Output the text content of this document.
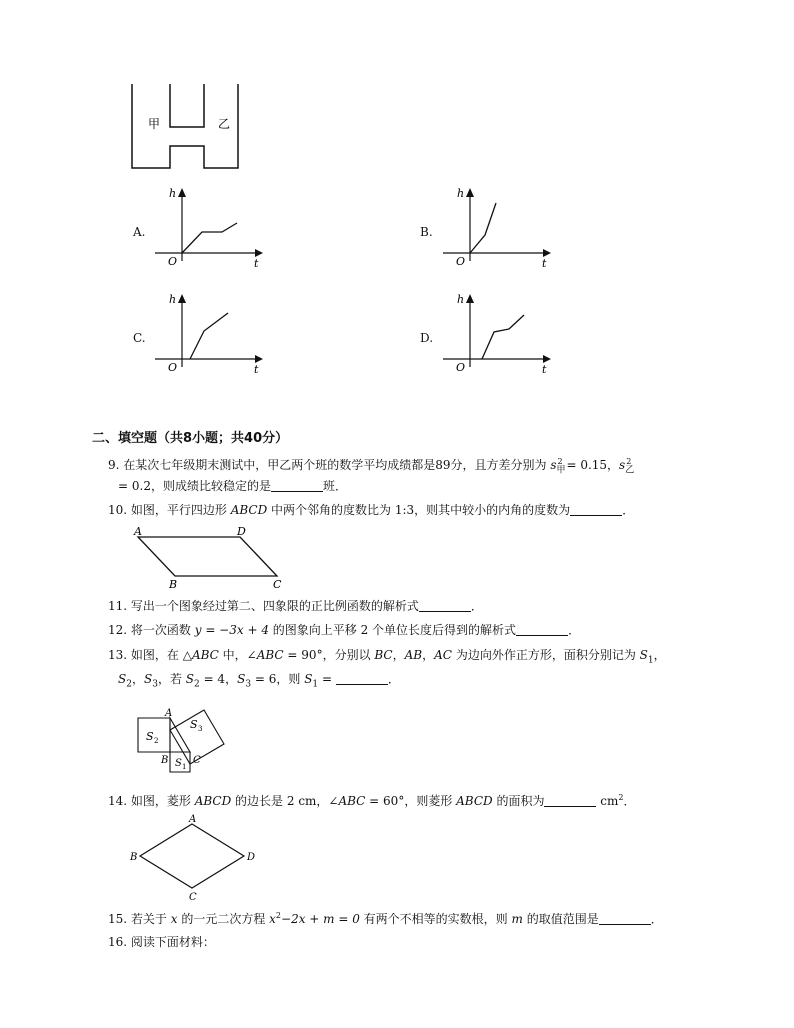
甲	乙
A.
h
t
O
B.
h
t
O
C.
h
t
O
D.
h
t
O
二、填空题（共8小题；共40分）
9. 在某次七年级期末测试中，甲乙两个班的数学平均成绩都是89分，且方差分别为 $s_甲^2 = 0.15$，$s_乙^2$
= 0.2，则成绩比较稳定的是	班．
10. 如图，平行四边形 ABCD 中两个邻角的度数比为 1:3，则其中较小的内角的度数为	．
A	D
B	C
11. 写出一个图象经过第二、四象限的正比例函数的解析式	．
12. 将一次函数 y = −3x + 4 的图象向上平移 2 个单位长度后得到的解析式	．
13. 如图，在 △ABC 中，∠ABC = 90°，分别以 BC，AB，AC 为边向外作正方形，面积分别记为 $S_1$，
$S_2$，$S_3$，若 $S_2 = 4$，$S_3 = 6$，则 $S_1$ =	．
A
B C
S 2
S 1
S 3
14. 如图，菱形 ABCD 的边长是 2 cm，∠ABC = 60°，则菱形 ABCD 的面积为	$cm^2$．
A
B	D
C
15. 若关于 x 的一元二次方程 $x^2-2x + m = 0$ 有两个不相等的实数根，则 m 的取值范围是	．
16. 阅读下面材料：
